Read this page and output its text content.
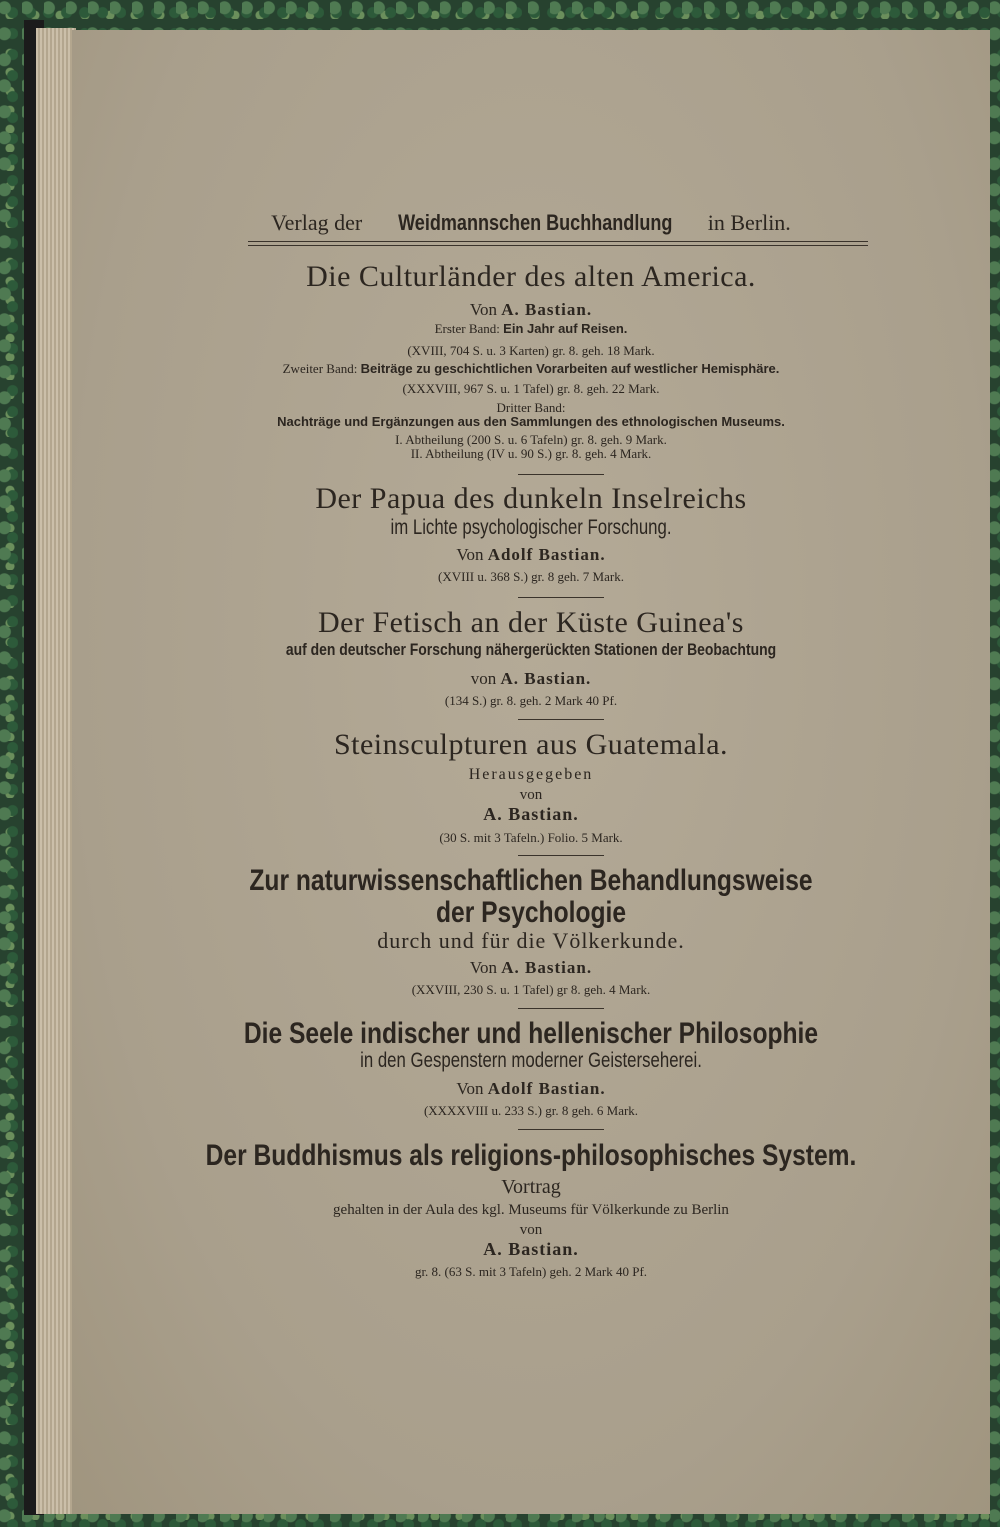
Verlag der Weidmannschen Buchhandlung in Berlin.
Die Culturländer des alten America.
Von A. Bastian.
Erster Band: Ein Jahr auf Reisen.
(XVIII, 704 S. u. 3 Karten) gr. 8. geh. 18 Mark.
Zweiter Band: Beiträge zu geschichtlichen Vorarbeiten auf westlicher Hemisphäre.
(XXXVIII, 967 S. u. 1 Tafel) gr. 8. geh. 22 Mark.
Dritter Band:
Nachträge und Ergänzungen aus den Sammlungen des ethnologischen Museums.
I. Abtheilung (200 S. u. 6 Tafeln) gr. 8. geh. 9 Mark.
II. Abtheilung (IV u. 90 S.) gr. 8. geh. 4 Mark.
Der Papua des dunkeln Inselreichs
im Lichte psychologischer Forschung.
Von Adolf Bastian.
(XVIII u. 368 S.) gr. 8 geh. 7 Mark.
Der Fetisch an der Küste Guinea's
auf den deutscher Forschung nähergerückten Stationen der Beobachtung
von A. Bastian.
(134 S.) gr. 8. geh. 2 Mark 40 Pf.
Steinsculpturen aus Guatemala.
Herausgegeben
von
A. Bastian.
(30 S. mit 3 Tafeln.) Folio. 5 Mark.
Zur naturwissenschaftlichen Behandlungsweise
der Psychologie
durch und für die Völkerkunde.
Von A. Bastian.
(XXVIII, 230 S. u. 1 Tafel) gr 8. geh. 4 Mark.
Die Seele indischer und hellenischer Philosophie
in den Gespenstern moderner Geisterseherei.
Von Adolf Bastian.
(XXXXVIII u. 233 S.) gr. 8 geh. 6 Mark.
Der Buddhismus als religions-philosophisches System.
Vortrag
gehalten in der Aula des kgl. Museums für Völkerkunde zu Berlin
von
A. Bastian.
gr. 8. (63 S. mit 3 Tafeln) geh. 2 Mark 40 Pf.
